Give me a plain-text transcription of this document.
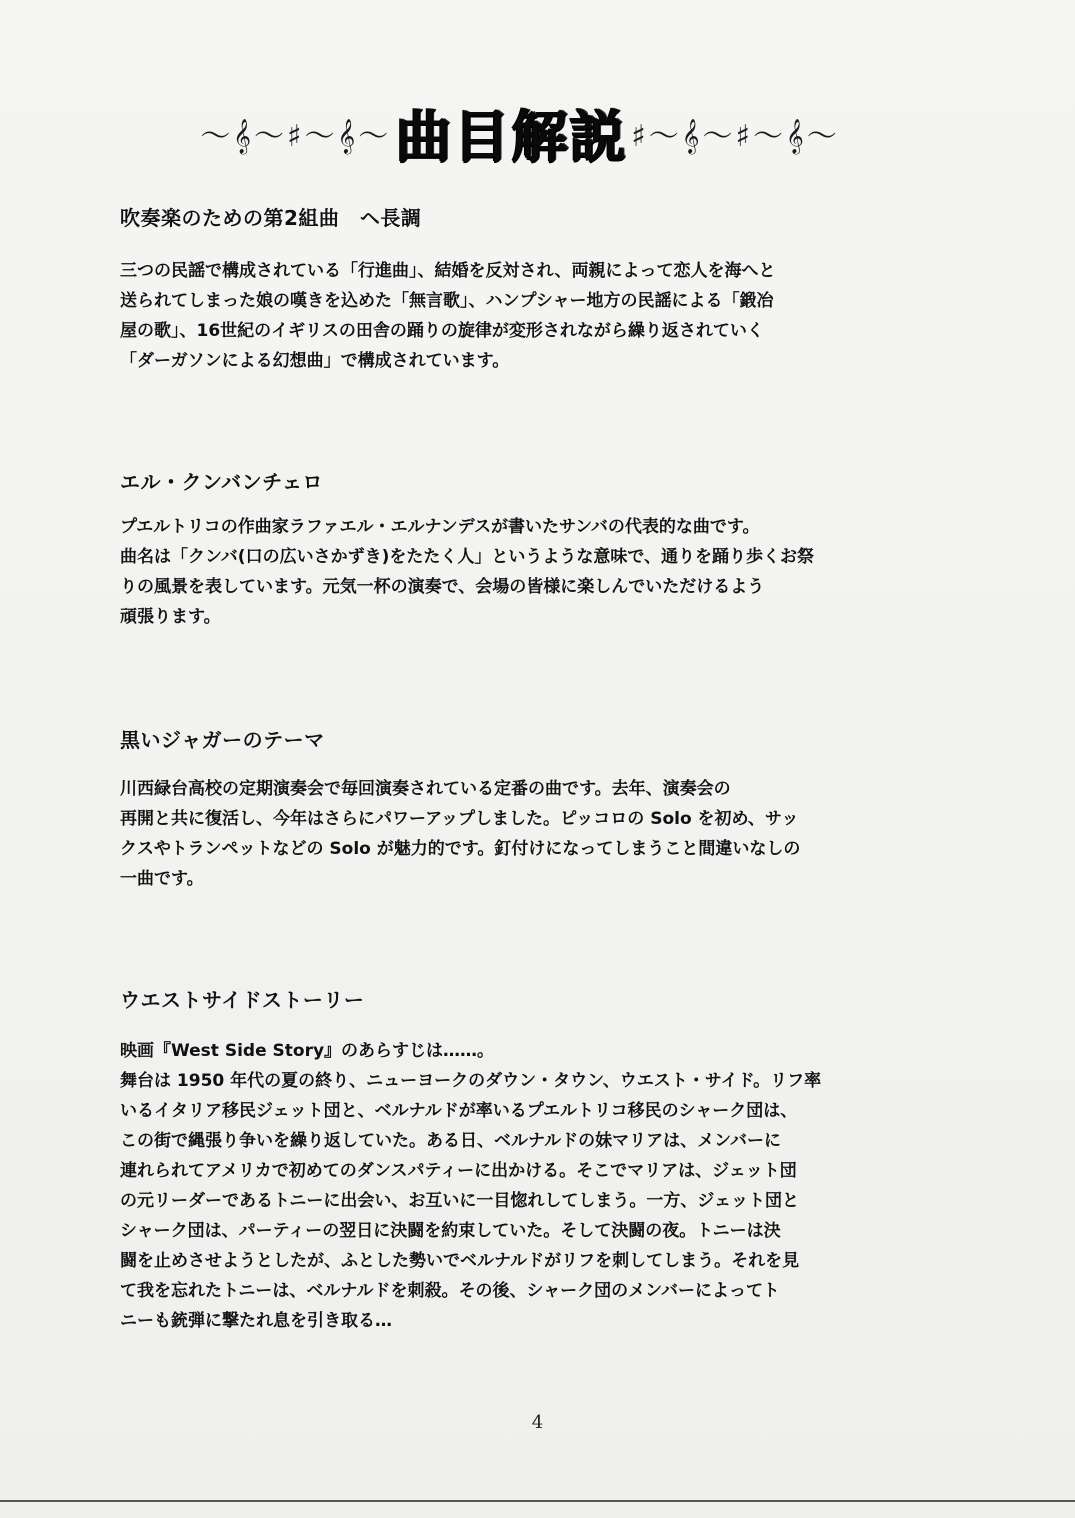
～𝄞～♯～𝄞～ 曲目解説 ♯～𝄞～♯～𝄞～
吹奏楽のための第2組曲　ヘ長調

三つの民謡で構成されている「行進曲」、結婚を反対され、両親によって恋人を海へと
送られてしまった娘の嘆きを込めた「無言歌」、ハンプシャー地方の民謡による「鍛冶
屋の歌」、16世紀のイギリスの田舎の踊りの旋律が変形されながら繰り返されていく
「ダーガソンによる幻想曲」で構成されています。

エル・クンバンチェロ

プエルトリコの作曲家ラファエル・エルナンデスが書いたサンバの代表的な曲です。
曲名は「クンバ(口の広いさかずき)をたたく人」というような意味で、通りを踊り歩くお祭
りの風景を表しています。元気一杯の演奏で、会場の皆様に楽しんでいただけるよう
頑張ります。

黒いジャガーのテーマ

川西緑台高校の定期演奏会で毎回演奏されている定番の曲です。去年、演奏会の
再開と共に復活し、今年はさらにパワーアップしました。ピッコロの Solo を初め、サッ
クスやトランペットなどの Solo が魅力的です。釘付けになってしまうこと間違いなしの
一曲です。

ウエストサイドストーリー

映画『West Side Story』のあらすじは……。
舞台は 1950 年代の夏の終り、ニューヨークのダウン・タウン、ウエスト・サイド。リフ率
いるイタリア移民ジェット団と、ベルナルドが率いるプエルトリコ移民のシャーク団は、
この街で縄張り争いを繰り返していた。ある日、ベルナルドの妹マリアは、メンバーに
連れられてアメリカで初めてのダンスパティーに出かける。そこでマリアは、ジェット団
の元リーダーであるトニーに出会い、お互いに一目惚れしてしまう。一方、ジェット団と
シャーク団は、パーティーの翌日に決闘を約束していた。そして決闘の夜。トニーは決
闘を止めさせようとしたが、ふとした勢いでベルナルドがリフを刺してしまう。それを見
て我を忘れたトニーは、ベルナルドを刺殺。その後、シャーク団のメンバーによってト
ニーも銃弾に撃たれ息を引き取る…

4
